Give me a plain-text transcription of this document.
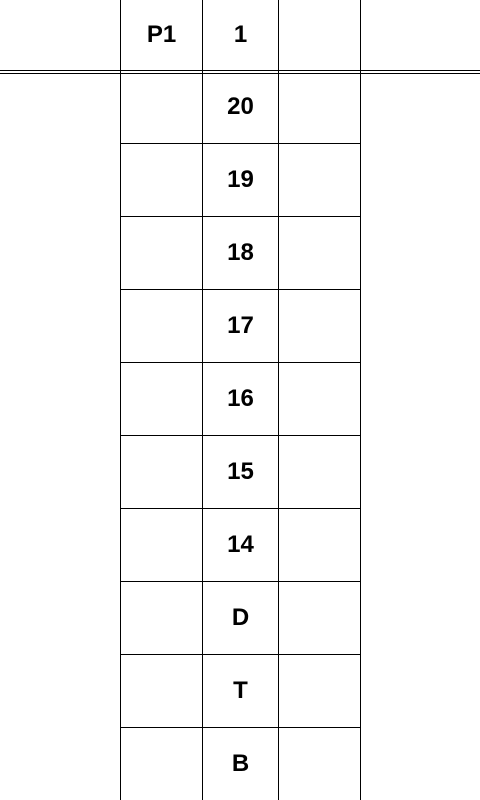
P1	1
20
19
18
17
16
15
14
D
T
B
